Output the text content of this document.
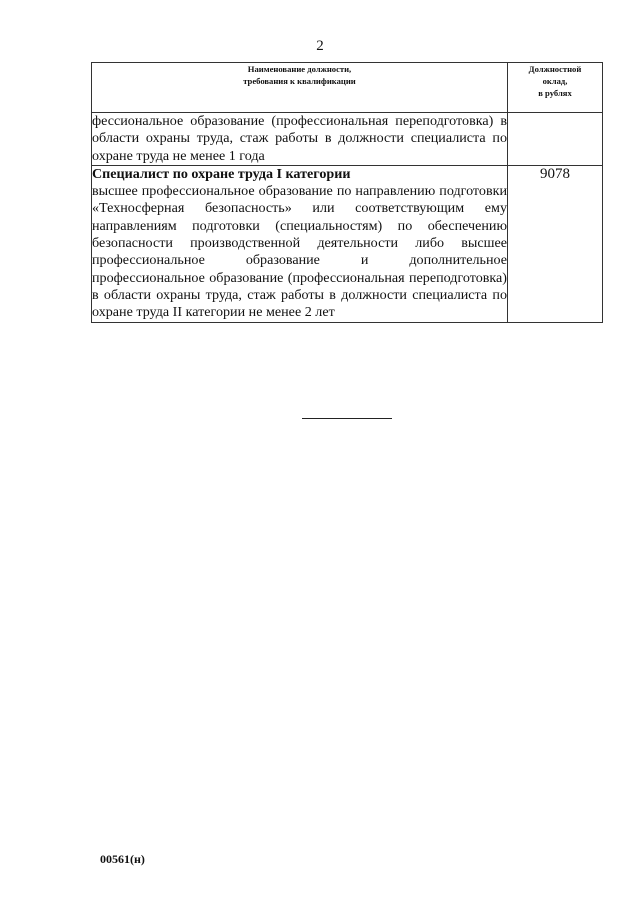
2
Наименование должности,
требования к квалификации	Должностной
оклад,
в рублях

фессиональное образование (профессиональная переподготовка) в области охраны труда, стаж работы в должности специалиста по охране труда не менее 1 года	

Специалист по охране труда I категории
высшее профессиональное образование по направлению подготовки «Техносферная безопасность» или соответствующим ему направлениям подготовки (специальностям) по обеспечению безопасности производственной деятельности либо высшее профессиональное образование и дополнительное профессиональное образование (профессиональная переподготовка) в области охраны труда, стаж работы в должности специалиста по охране труда II категории не менее 2 лет	9078
00561(н)
